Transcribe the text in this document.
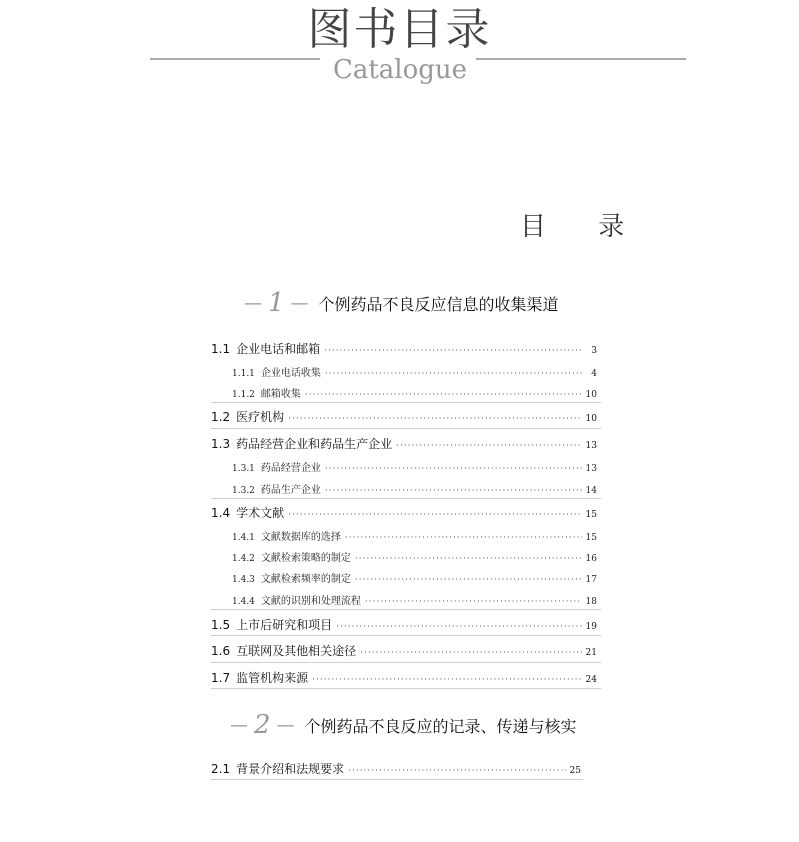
图书目录
Catalogue
目 录
— 1 — 个例药品不良反应信息的收集渠道
1.1 企业电话和邮箱 ·····	3
1.1.1 企业电话收集 ·····	4
1.1.2 邮箱收集 ·····	10
1.2 医疗机构 ·····	10
1.3 药品经营企业和药品生产企业 ·····	13
1.3.1 药品经营企业 ·····	13
1.3.2 药品生产企业 ·····	14
1.4 学术文献 ·····	15
1.4.1 文献数据库的选择 ·····	15
1.4.2 文献检索策略的制定 ·····	16
1.4.3 文献检索频率的制定 ·····	17
1.4.4 文献的识别和处理流程 ·····	18
1.5 上市后研究和项目 ·····	19
1.6 互联网及其他相关途径 ·····	21
1.7 监管机构来源 ·····	24
— 2 — 个例药品不良反应的记录、传递与核实
2.1 背景介绍和法规要求 ·····	25
